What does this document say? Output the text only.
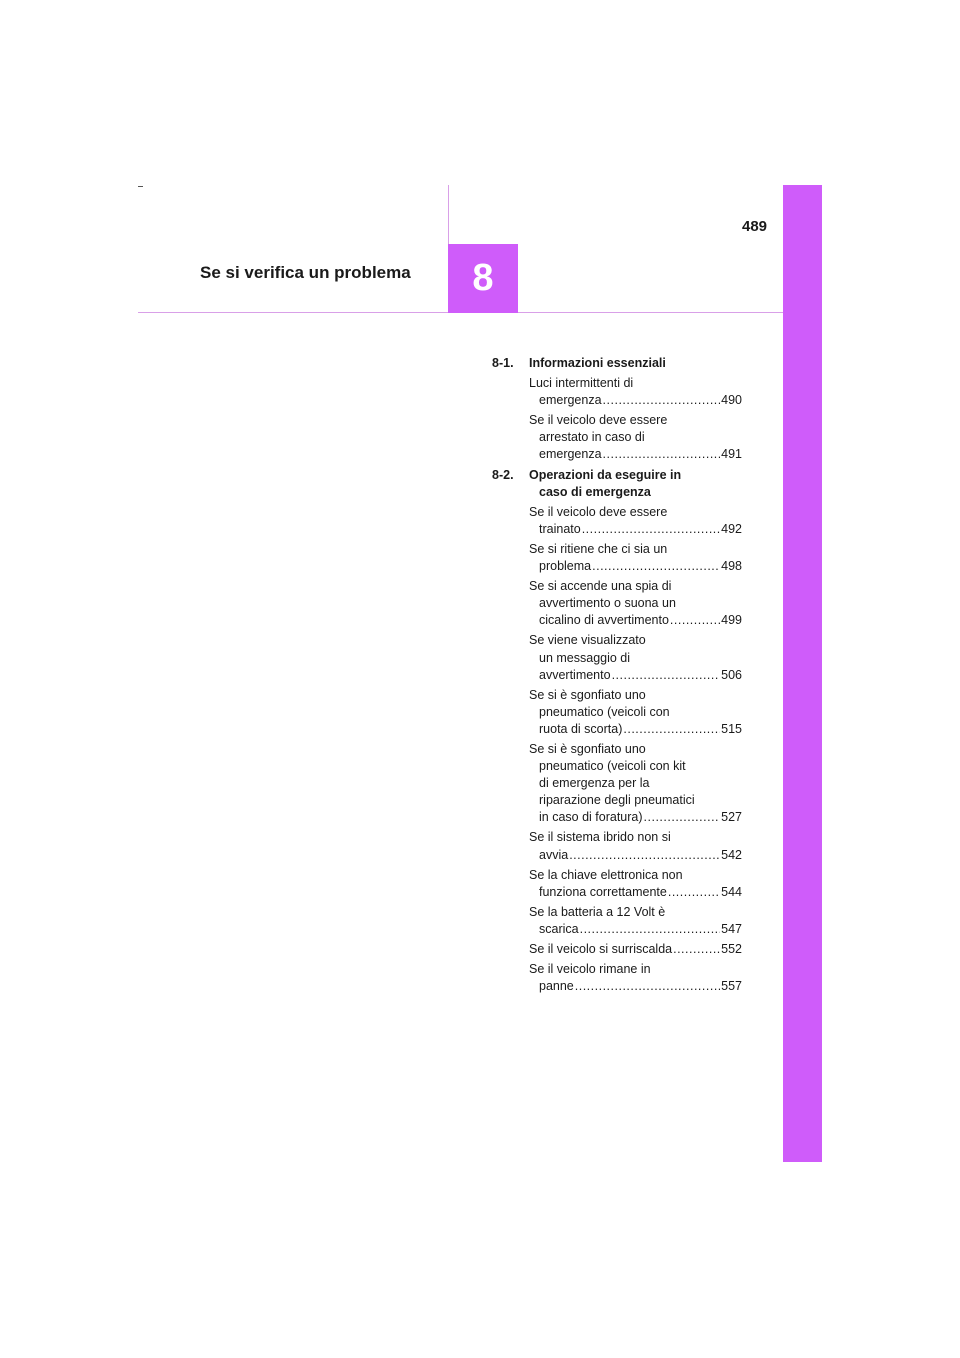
489
Se si verifica un problema 8
8-1.	Informazioni essenziali
Luci intermittenti di
emergenza .....	490
Se il veicolo deve essere
arrestato in caso di
emergenza .....	491
8-2.	Operazioni da eseguire in
caso di emergenza
Se il veicolo deve essere
trainato .....	492
Se si ritiene che ci sia un
problema .....	498
Se si accende una spia di
avvertimento o suona un
cicalino di avvertimento .....	499
Se viene visualizzato
un messaggio di
avvertimento .....	506
Se si è sgonfiato uno
pneumatico (veicoli con
ruota di scorta) .....	515
Se si è sgonfiato uno
pneumatico (veicoli con kit
di emergenza per la
riparazione degli pneumatici
in caso di foratura) .....	527
Se il sistema ibrido non si
avvia .....	542
Se la chiave elettronica non
funziona correttamente .....	544
Se la batteria a 12 Volt è
scarica .....	547
Se il veicolo si surriscalda .....	552
Se il veicolo rimane in
panne .....	557
